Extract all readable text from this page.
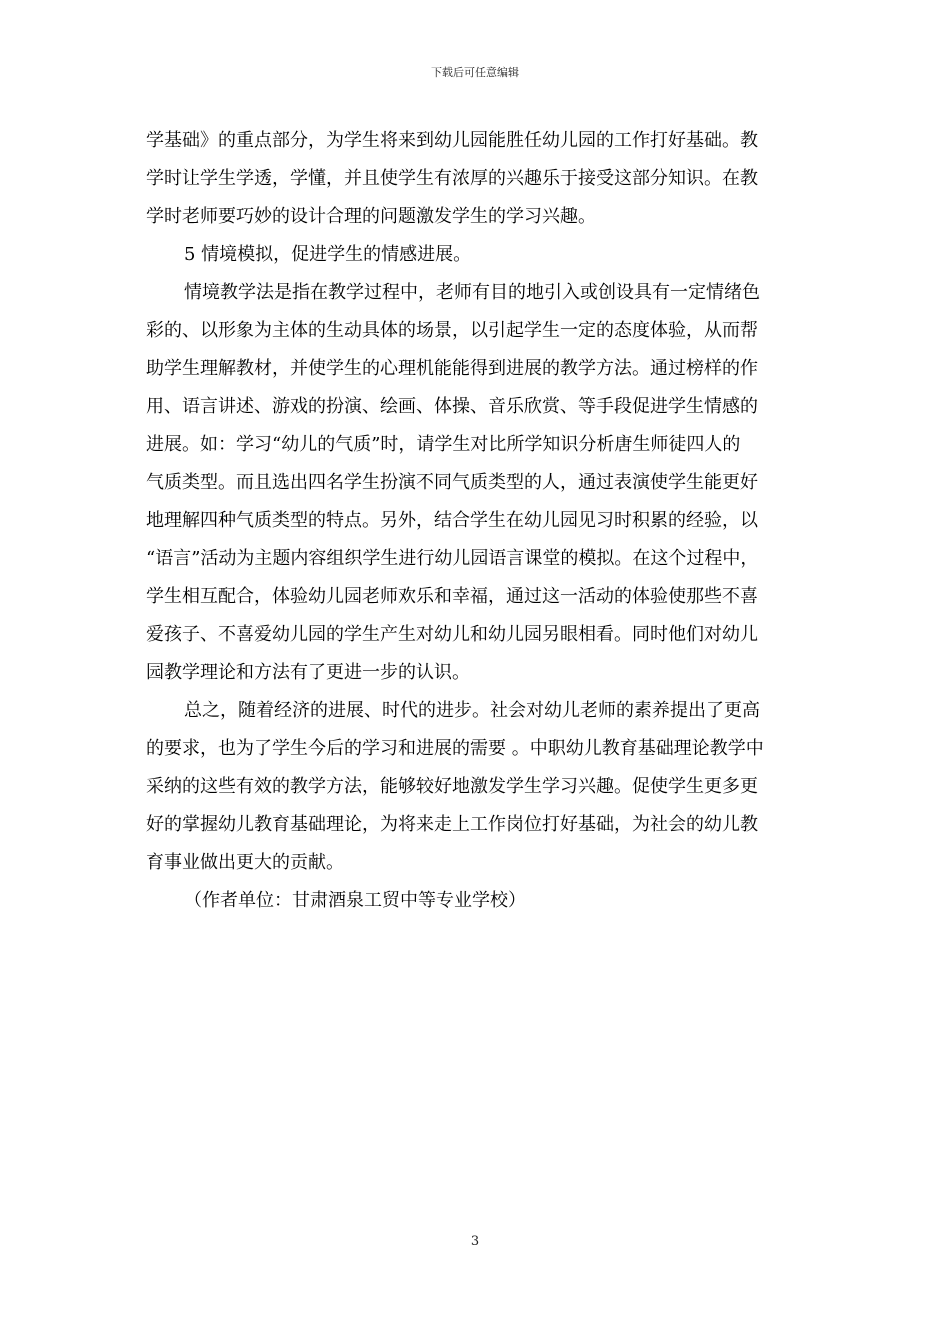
下载后可任意编辑
学基础》的重点部分，为学生将来到幼儿园能胜任幼儿园的工作打好基础。教
学时让学生学透，学懂，并且使学生有浓厚的兴趣乐于接受这部分知识。在教
学时老师要巧妙的设计合理的问题激发学生的学习兴趣。
5 情境模拟，促进学生的情感进展。
情境教学法是指在教学过程中，老师有目的地引入或创设具有一定情绪色
彩的、以形象为主体的生动具体的场景，以引起学生一定的态度体验，从而帮
助学生理解教材，并使学生的心理机能能得到进展的教学方法。通过榜样的作
用、语言讲述、游戏的扮演、绘画、体操、音乐欣赏、等手段促进学生情感的
进展。如：学习“幼儿的气质”时，请学生对比所学知识分析唐生师徒四人的
气质类型。而且选出四名学生扮演不同气质类型的人，通过表演使学生能更好
地理解四种气质类型的特点。另外，结合学生在幼儿园见习时积累的经验，以
“语言”活动为主题内容组织学生进行幼儿园语言课堂的模拟。在这个过程中，
学生相互配合，体验幼儿园老师欢乐和幸福，通过这一活动的体验使那些不喜
爱孩子、不喜爱幼儿园的学生产生对幼儿和幼儿园另眼相看。同时他们对幼儿
园教学理论和方法有了更进一步的认识。
总之，随着经济的进展、时代的进步。社会对幼儿老师的素养提出了更高
的要求，也为了学生今后的学习和进展的需要 。中职幼儿教育基础理论教学中
采纳的这些有效的教学方法，能够较好地激发学生学习兴趣。促使学生更多更
好的掌握幼儿教育基础理论，为将来走上工作岗位打好基础，为社会的幼儿教
育事业做出更大的贡献。
（作者单位：甘肃酒泉工贸中等专业学校）
3
